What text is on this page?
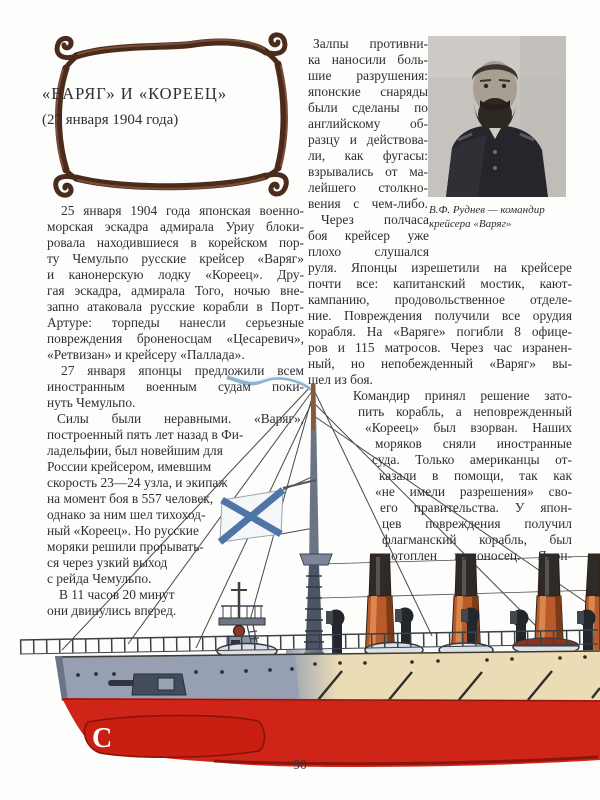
С
«ВАРЯГ» И «КОРЕЕЦ»
(27 января 1904 года)
25 января 1904 года японская военно-
морская эскадра адмирала Уриу блоки-
ровала находившиеся в корейском пор-
ту Чемульпо русские крейсер «Варяг»
и канонерскую лодку «Кореец». Дру-
гая эскадра, адмирала Того, ночью вне-
запно атаковала русские корабли в Порт-
Артуре: торпеды нанесли серьезные
повреждения броненосцам «Цесаревич»,
«Ретвизан» и крейсеру «Паллада».
27 января японцы предложили всем
иностранным военным судам поки-
нуть Чемульпо.
Силы были неравными. «Варяг»,
построенный пять лет назад в Фи-
ладельфии, был новейшим для
России крейсером, имевшим
скорость 23—24 узла, и экипаж
на момент боя в 557 человек,
однако за ним шел тихоход-
ный «Кореец». Но русские
моряки решили прорывать-
ся через узкий выход
с рейда Чемульпо.
В 11 часов 20 минут
они двинулись вперед.
Залпы противни-
ка наносили боль-
шие разрушения:
японские снаряды
были сделаны по
английскому об-
разцу и действова-
ли, как фугасы:
взрывались от ма-
лейшего столкно-
вения с чем-либо.
Через полчаса
боя крейсер уже
плохо слушался
руля. Японцы изрешетили на крейсере
почти все: капитанский мостик, кают-
кампанию, продовольственное отделе-
ние. Повреждения получили все орудия
корабля. На «Варяге» погибли 8 офице-
ров и 115 матросов. Через час изранен-
ный, но непобежденный «Варяг» вы-
шел из боя.
Командир принял решение зато-
пить корабль, а неповрежденный
«Кореец» был взорван. Наших
моряков сняли иностранные
суда. Только американцы от-
казали в помощи, так как
«не имели разрешения» сво-
его правительства. У япон-
цев повреждения получил
флагманский корабль, был
потоплен миноносец. Япон-
В.Ф. Руднев — командир
крейсера «Варяг»
90
